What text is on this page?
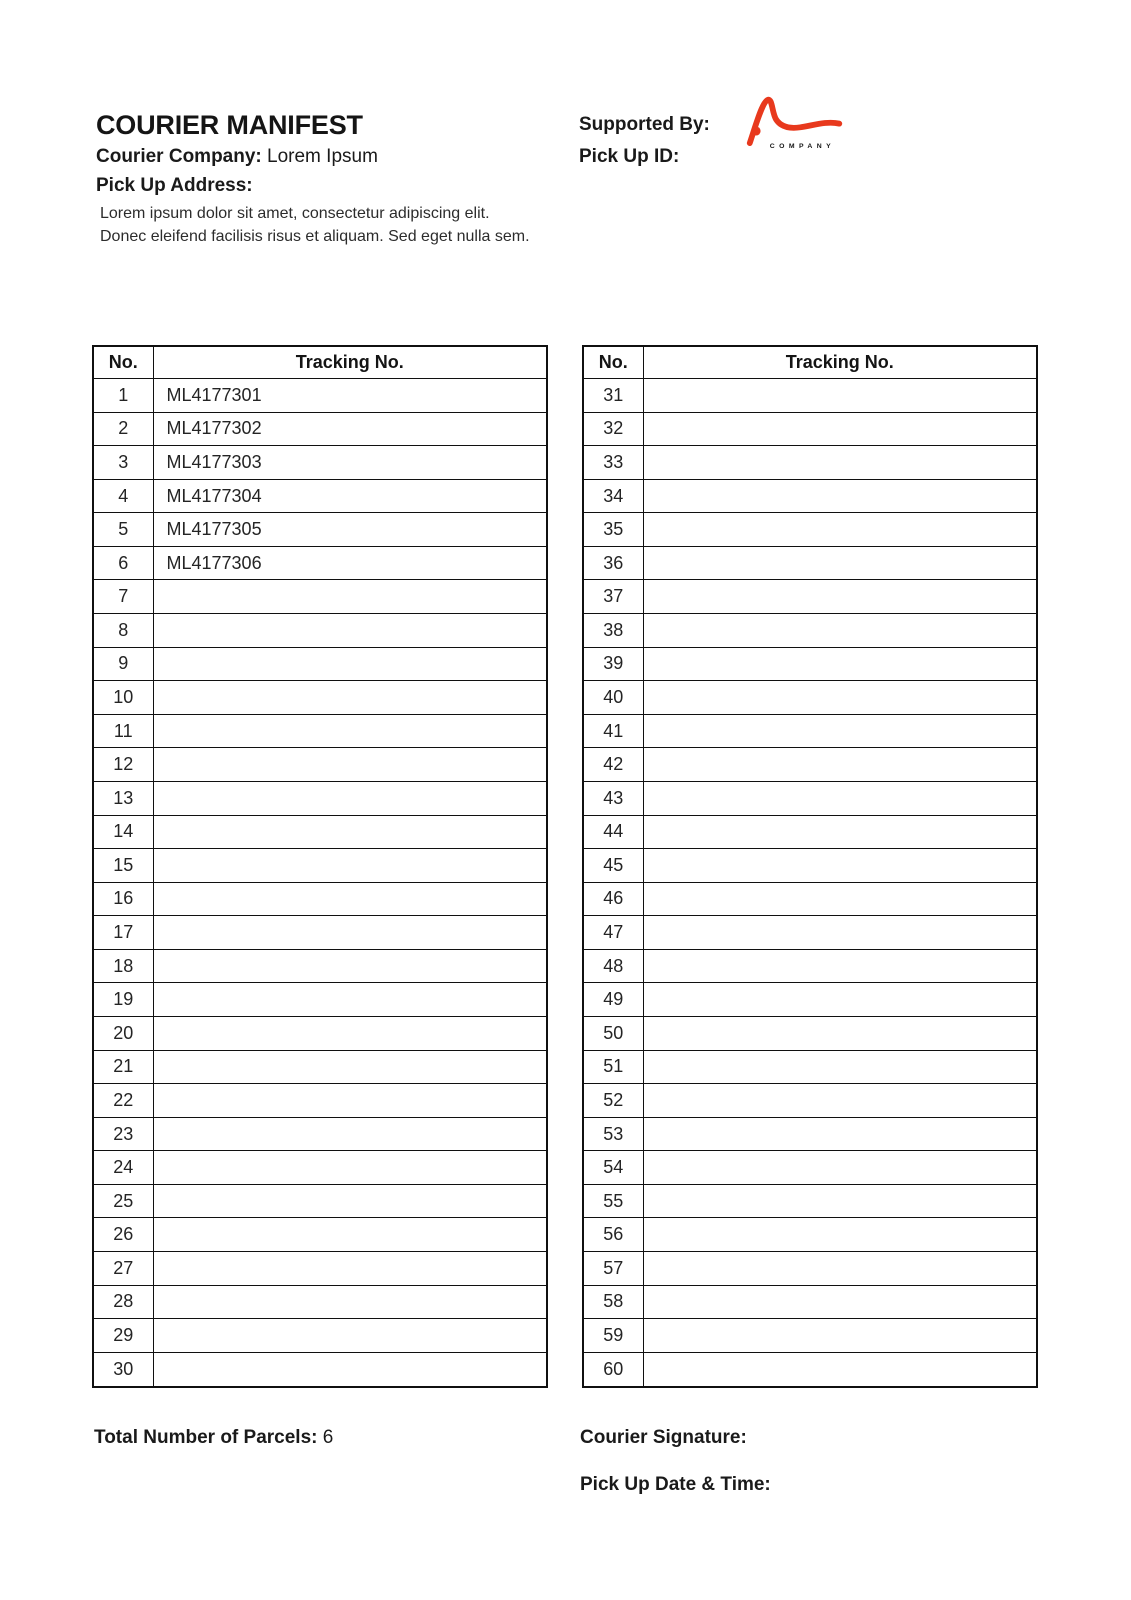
COURIER MANIFEST
Courier Company: Lorem Ipsum
Pick Up Address:
Lorem ipsum dolor sit amet, consectetur adipiscing elit.
Donec eleifend facilisis risus et aliquam. Sed eget nulla sem.
Supported By:
Pick Up ID:	COMPANY
No.	Tracking No.
1	ML4177301
2	ML4177302
3	ML4177303
4	ML4177304
5	ML4177305
6	ML4177306
7	
8	
9	
10	
11	
12	
13	
14	
15	
16	
17	
18	
19	
20	
21	
22	
23	
24	
25	
26	
27	
28	
29	
30	
No.	Tracking No.
31	
32	
33	
34	
35	
36	
37	
38	
39	
40	
41	
42	
43	
44	
45	
46	
47	
48	
49	
50	
51	
52	
53	
54	
55	
56	
57	
58	
59	
60	
Total Number of Parcels: 6	Courier Signature:
Pick Up Date & Time:
